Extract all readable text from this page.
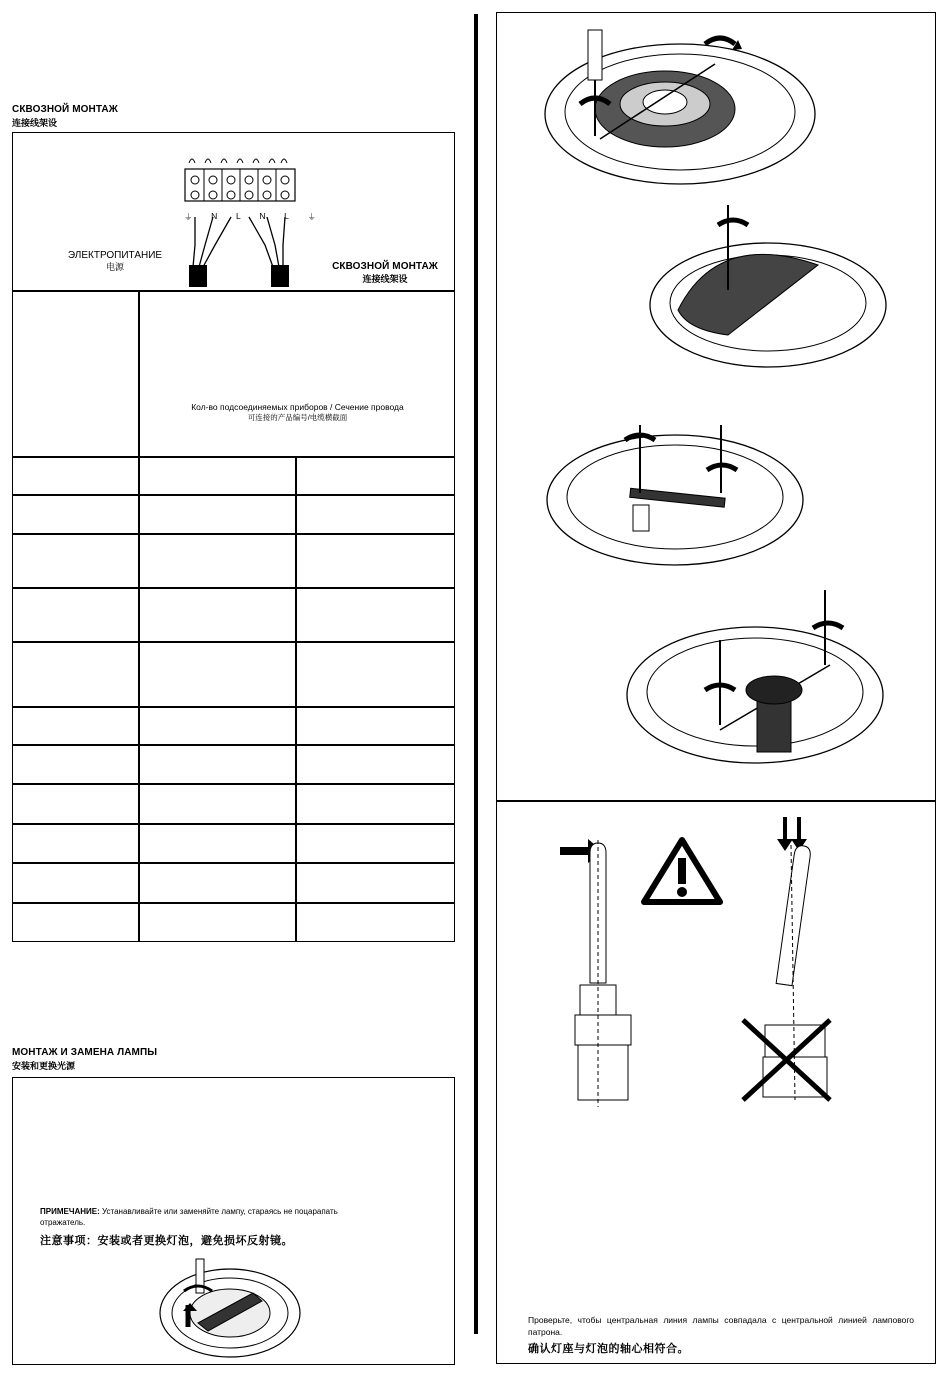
СКВОЗНОЙ МОНТАЖ
连接线架设
⏚ N L N L ⏚
ЭЛЕКТРОПИТАНИЕ
电源	СКВОЗНОЙ МОНТАЖ
连接线架设
Кол-во подсоединяемых приборов / Сечение провода
可连接的产品编号/电缆横截面
МОНТАЖ И ЗАМЕНА ЛАМПЫ
安装和更换光源
ПРИМЕЧАНИЕ: Устанавливайте или заменяйте лампу, стараясь не поцарапать отражатель.
注意事项：安装或者更换灯泡，避免损坏反射镜。
Проверьте, чтобы центральная линия лампы совпадала с центральной линией лампового патрона.
确认灯座与灯泡的轴心相符合。
